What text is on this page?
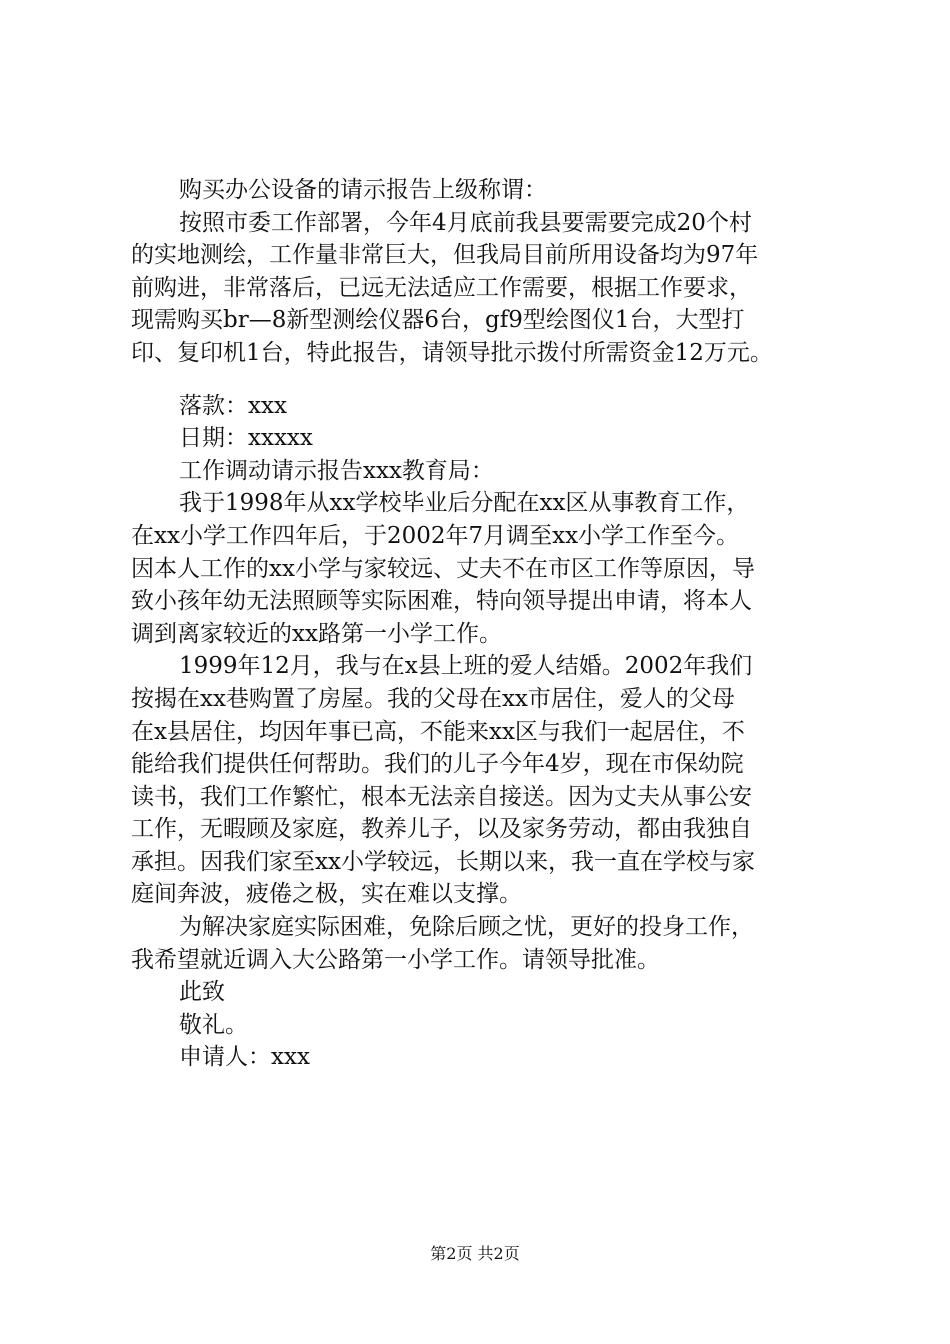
购买办公设备的请示报告上级称谓：
按照市委工作部署，今年4月底前我县要需要完成20个村
的实地测绘，工作量非常巨大，但我局目前所用设备均为97年
前购进，非常落后，已远无法适应工作需要，根据工作要求，
现需购买br—8新型测绘仪器6台，gf9型绘图仪1台，大型打
印、复印机1台，特此报告，请领导批示拨付所需资金12万元。
落款：xxx
日期：xxxxx
工作调动请示报告xxx教育局：
我于1998年从xx学校毕业后分配在xx区从事教育工作，
在xx小学工作四年后，于2002年7月调至xx小学工作至今。
因本人工作的xx小学与家较远、丈夫不在市区工作等原因，导
致小孩年幼无法照顾等实际困难，特向领导提出申请，将本人
调到离家较近的xx路第一小学工作。
1999年12月，我与在x县上班的爱人结婚。2002年我们
按揭在xx巷购置了房屋。我的父母在xx市居住，爱人的父母
在x县居住，均因年事已高，不能来xx区与我们一起居住，不
能给我们提供任何帮助。我们的儿子今年4岁，现在市保幼院
读书，我们工作繁忙，根本无法亲自接送。因为丈夫从事公安
工作，无暇顾及家庭，教养儿子，以及家务劳动，都由我独自
承担。因我们家至xx小学较远，长期以来，我一直在学校与家
庭间奔波，疲倦之极，实在难以支撑。
为解决家庭实际困难，免除后顾之忧，更好的投身工作，
我希望就近调入大公路第一小学工作。请领导批准。
此致
敬礼。
申请人：xxx
第2页 共2页
